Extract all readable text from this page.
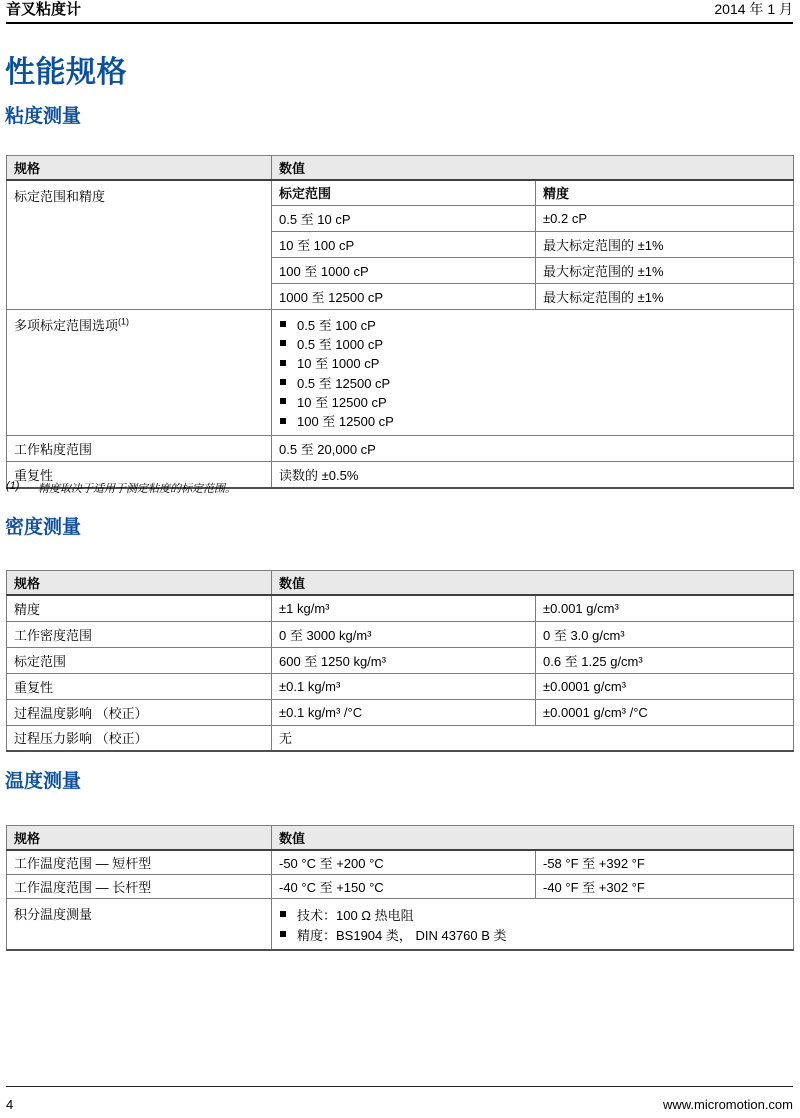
音叉粘度计	2014 年 1 月
性能规格
粘度测量
规格	数值	
标定范围和精度	标定范围	精度
	0.5 至 10 cP	±0.2 cP
	10 至 100 cP	最大标定范围的 ±1%
	100 至 1000 cP	最大标定范围的 ±1%
	1000 至 12500 cP	最大标定范围的 ±1%
多项标定范围选项$^{(1)}$	0.5 至 100 cP
0.5 至 1000 cP
10 至 1000 cP
0.5 至 12500 cP
10 至 12500 cP
100 至 12500 cP

工作粘度范围	0.5 至 20,000 cP	
重复性	读数的 ±0.5%	
(1)	精度取决于适用于测定粘度的标定范围。
密度测量
规格	数值	
精度	±1 kg/m³	±0.001 g/cm³
工作密度范围	0 至 3000 kg/m³	0 至 3.0 g/cm³
标定范围	600 至 1250 kg/m³	0.6 至 1.25 g/cm³
重复性	±0.1 kg/m³	±0.0001 g/cm³
过程温度影响 （校正）	±0.1 kg/m³ /°C	±0.0001 g/cm³ /°C
过程压力影响 （校正）	无	
温度测量
规格	数值	
工作温度范围 — 短杆型	-50 °C 至 +200 °C	-58 °F 至 +392 °F
工作温度范围 — 长杆型	-40 °C 至 +150 °C	-40 °F 至 +302 °F
积分温度测量	技术：100 Ω 热电阻
精度：BS1904 类， DIN 43760 B 类	
4	www.micromotion.com
